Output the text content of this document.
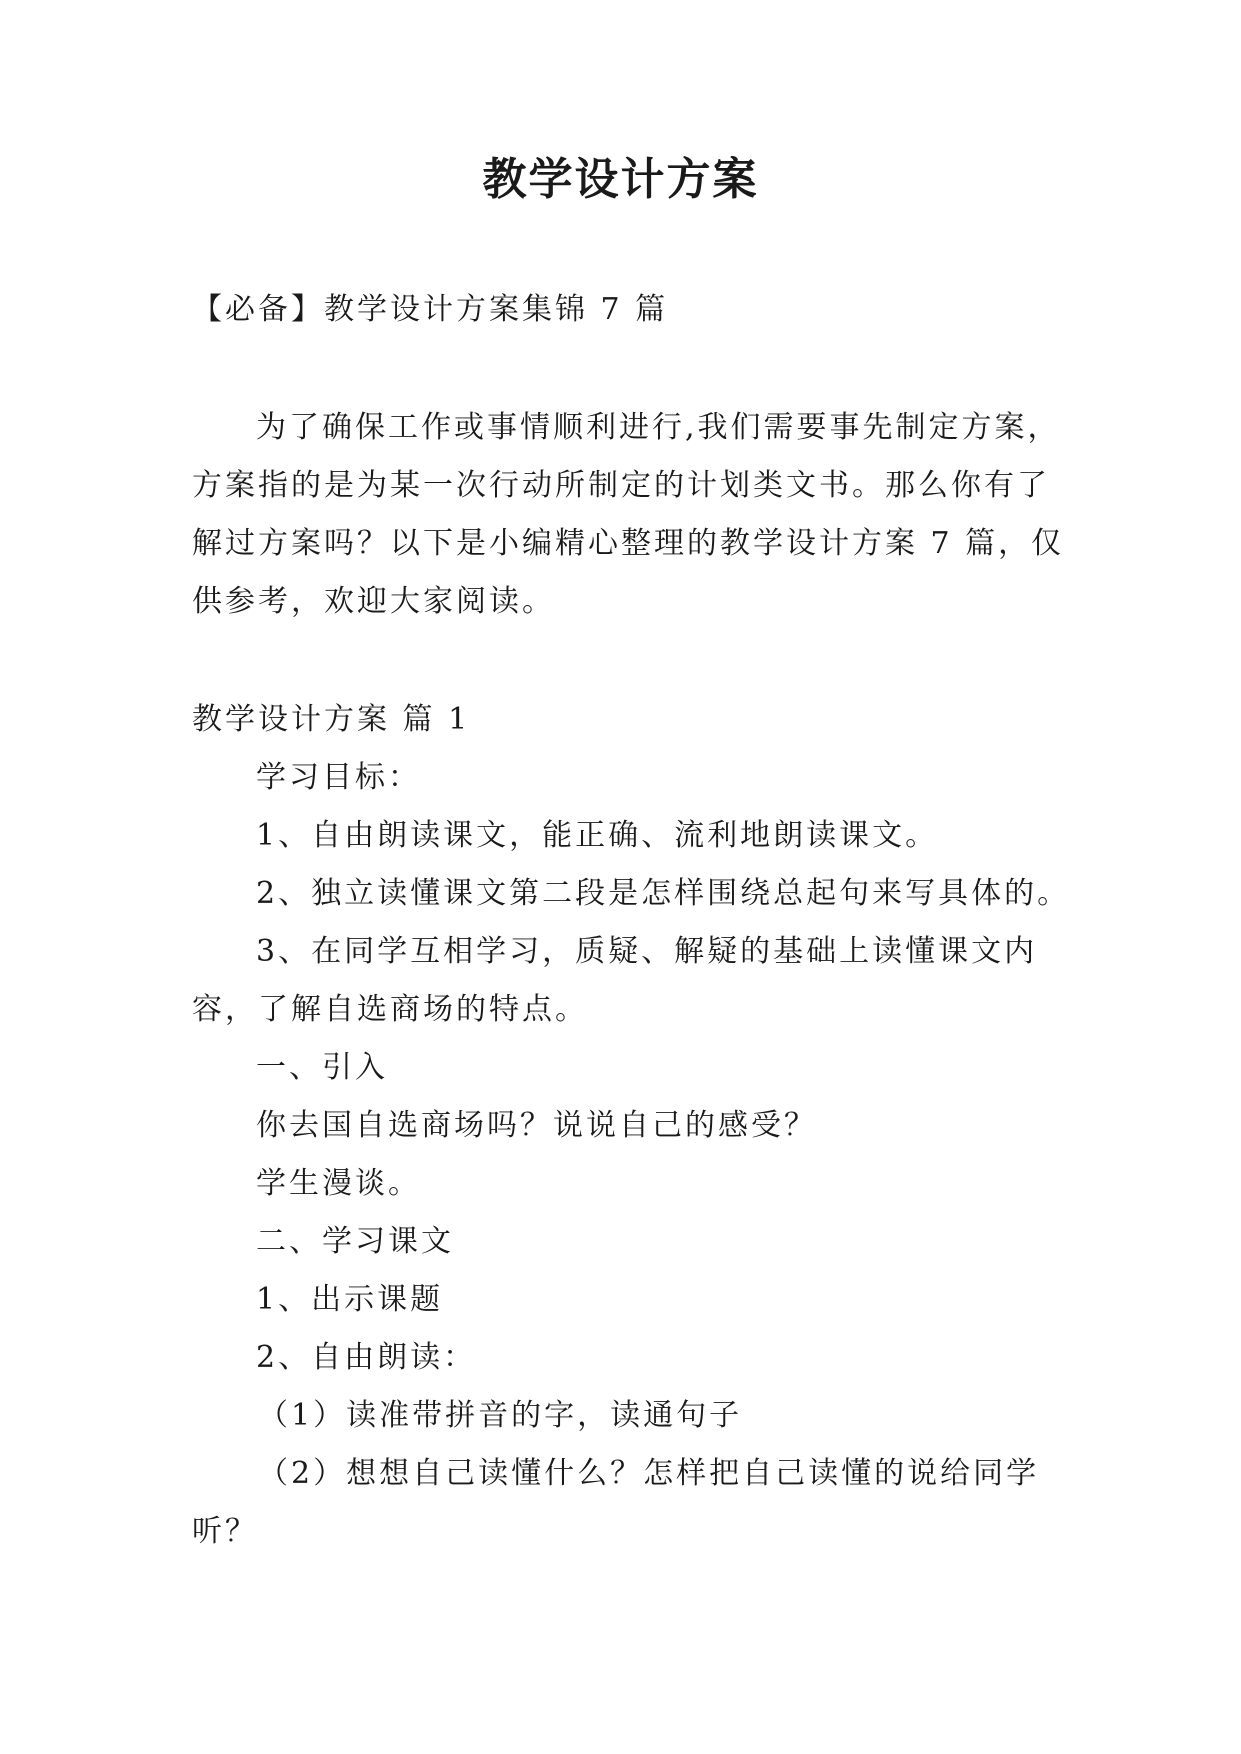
教学设计方案
【必备】教学设计方案集锦 7 篇
为了确保工作或事情顺利进行,我们需要事先制定方案，
方案指的是为某一次行动所制定的计划类文书。那么你有了
解过方案吗？以下是小编精心整理的教学设计方案 7 篇，仅
供参考，欢迎大家阅读。
教学设计方案 篇 1
学习目标：
1、自由朗读课文，能正确、流利地朗读课文。
2、独立读懂课文第二段是怎样围绕总起句来写具体的。
3、在同学互相学习，质疑、解疑的基础上读懂课文内
容，了解自选商场的特点。
一、引入
你去国自选商场吗？说说自己的感受？
学生漫谈。
二、学习课文
1、出示课题
2、自由朗读：
（1）读准带拼音的字，读通句子
（2）想想自己读懂什么？怎样把自己读懂的说给同学
听？
